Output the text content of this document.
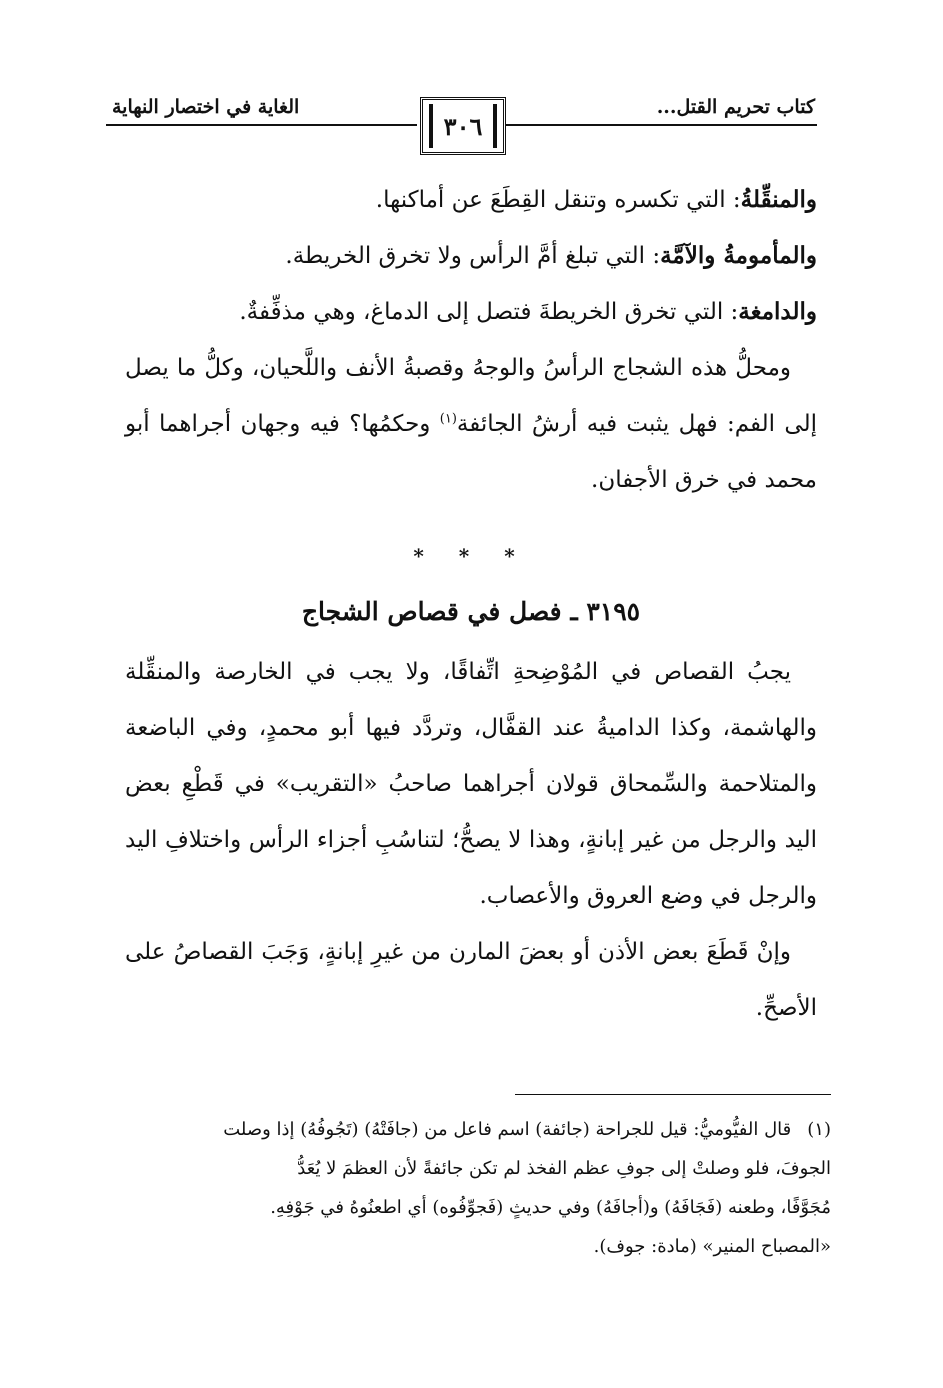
كتاب تحريم القتل...
٣٠٦
الغاية في اختصار النهاية

والمنقِّلةُ: التي تكسره وتنقل القِطَعَ عن أماكنها.

والمأمومةُ والآمَّة: التي تبلغ أمَّ الرأس ولا تخرق الخريطة.

والدامغة: التي تخرق الخريطةَ فتصل إلى الدماغ، وهي مذفِّفةٌ.

ومحلُّ هذه الشجاج الرأسُ والوجهُ وقصبةُ الأنف واللَّحيان، وكلُّ ما يصل إلى الفم: فهل يثبت فيه أرشُ الجائفة$^{(١)}$ وحكمُها؟ فيه وجهان أجراهما أبو محمد في خرق الأجفان.

* * *
٣١٩٥ ـ فصل في قصاص الشجاج

يجبُ القصاص في المُوْضِحةِ اتِّفاقًا، ولا يجب في الخارصة والمنقِّلة والهاشمة، وكذا الداميةُ عند القفَّال، وتردَّد فيها أبو محمدٍ، وفي الباضعة والمتلاحمة والسِّمحاق قولان أجراهما صاحبُ «التقريب» في قَطْعِ بعض اليد والرجل من غير إبانةٍ، وهذا لا يصحُّ؛ لتناسُبِ أجزاء الرأس واختلافِ اليد والرجل في وضع العروق والأعصاب.

وإنْ قَطَعَ بعض الأذن أو بعضَ المارن من غيرِ إبانةٍ، وَجَبَ القصاصُ على الأصحِّ.

(١)قال الفيُّوميُّ: قيل للجراحة (جائفة) اسم فاعل من (جافَتْهُ) (تَجُوفُهُ) إذا وصلت

الجوفَ، فلو وصلتْ إلى جوفِ عظم الفخذ لم تكن جائفةً لأن العظمَ لا يُعَدُّ

مُجَوَّفًا، وطعنه (فَجَافَهُ) و(أجافَهُ) وفي حديثٍ (فَجوِّفُوه) أي اطعنُوهُ في جَوْفِهِ.

«المصباح المنير» (مادة: جوف).
